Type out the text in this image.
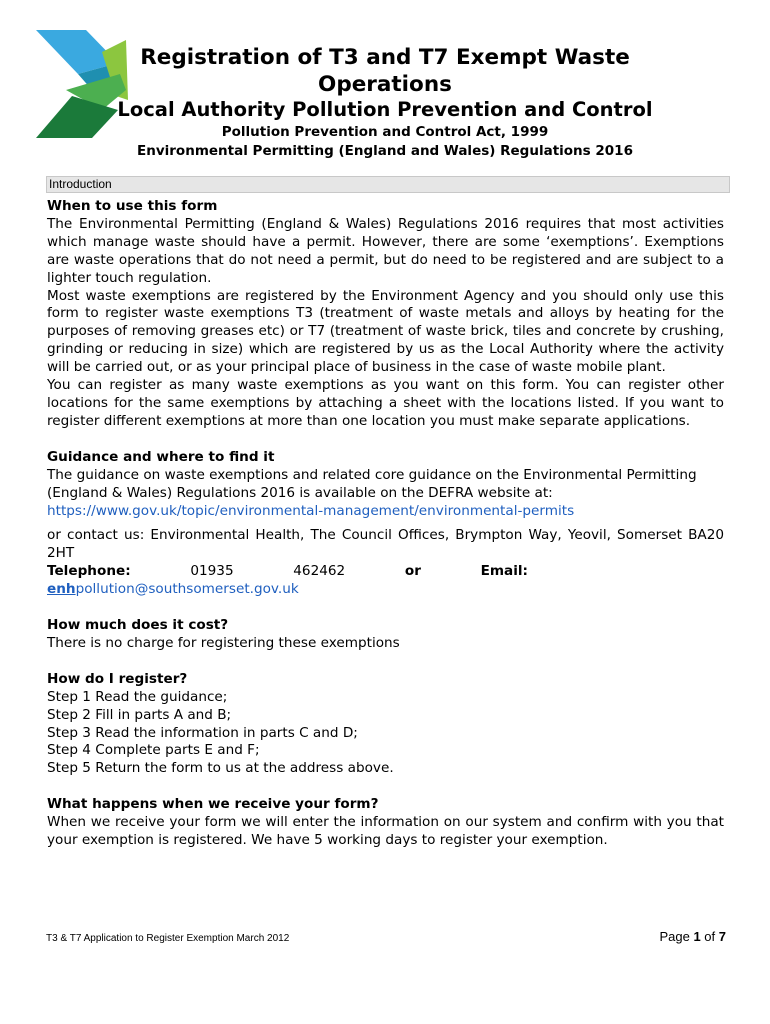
Registration of T3 and T7 Exempt Waste
Operations
Local Authority Pollution Prevention and Control
Pollution Prevention and Control Act, 1999
Environmental Permitting (England and Wales) Regulations 2016
Introduction

When to use this form

The Environmental Permitting (England & Wales) Regulations 2016 requires that most activities which manage waste should have a permit. However, there are some ‘exemptions’. Exemptions are waste operations that do not need a permit, but do need to be registered and are subject to a lighter touch regulation.

Most waste exemptions are registered by the Environment Agency and you should only use this form to register waste exemptions T3 (treatment of waste metals and alloys by heating for the purposes of removing greases etc) or T7 (treatment of waste brick, tiles and concrete by crushing, grinding or reducing in size) which are registered by us as the Local Authority where the activity will be carried out, or as your principal place of business in the case of waste mobile plant.

You can register as many waste exemptions as you want on this form. You can register other locations for the same exemptions by attaching a sheet with the locations listed. If you want to register different exemptions at more than one location you must make separate applications.

Guidance and where to find it

The guidance on waste exemptions and related core guidance on the Environmental Permitting (England & Wales) Regulations 2016 is available on the DEFRA website at:

https://www.gov.uk/topic/environmental-management/environmental-permits

or contact us: Environmental Health, The Council Offices, Brympton Way, Yeovil, Somerset BA20 2HT

Telephone:	01935	462462	or	Email:

enhpollution@southsomerset.gov.uk

How much does it cost?

There is no charge for registering these exemptions

How do I register?

Step 1 Read the guidance;

Step 2 Fill in parts A and B;

Step 3 Read the information in parts C and D;

Step 4 Complete parts E and F;

Step 5 Return the form to us at the address above.

What happens when we receive your form?

When we receive your form we will enter the information on our system and confirm with you that your exemption is registered. We have 5 working days to register your exemption.

T3 & T7 Application to Register Exemption March 2012	Page 1 of 7
